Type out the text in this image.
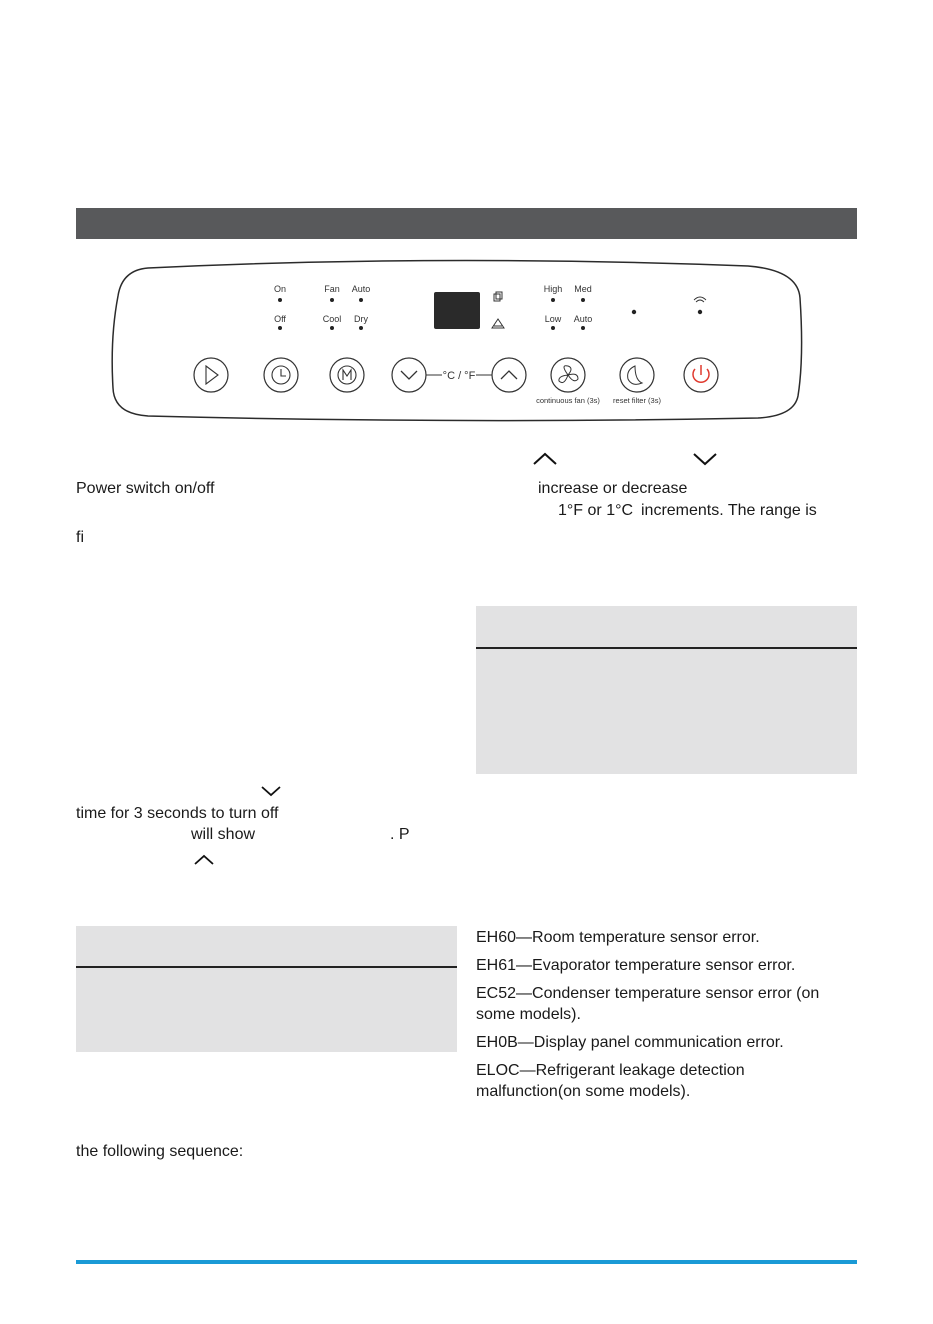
On
Off
Fan
Cool
Auto
Dry
High
Low
Med
Auto
°C / °F
continuous fan (3s) reset filter (3s)
Power switch on/off
fi
time for 3 seconds to turn off
will show	. P
the following sequence:
increase or decrease
1°F or 1°C increments. The range is
EH60—Room temperature sensor error.
EH61—Evaporator temperature sensor error.
EC52—Condenser temperature sensor error (on some models).
EH0B—Display panel communication error.
ELOC—Refrigerant leakage detection malfunction(on some models).
